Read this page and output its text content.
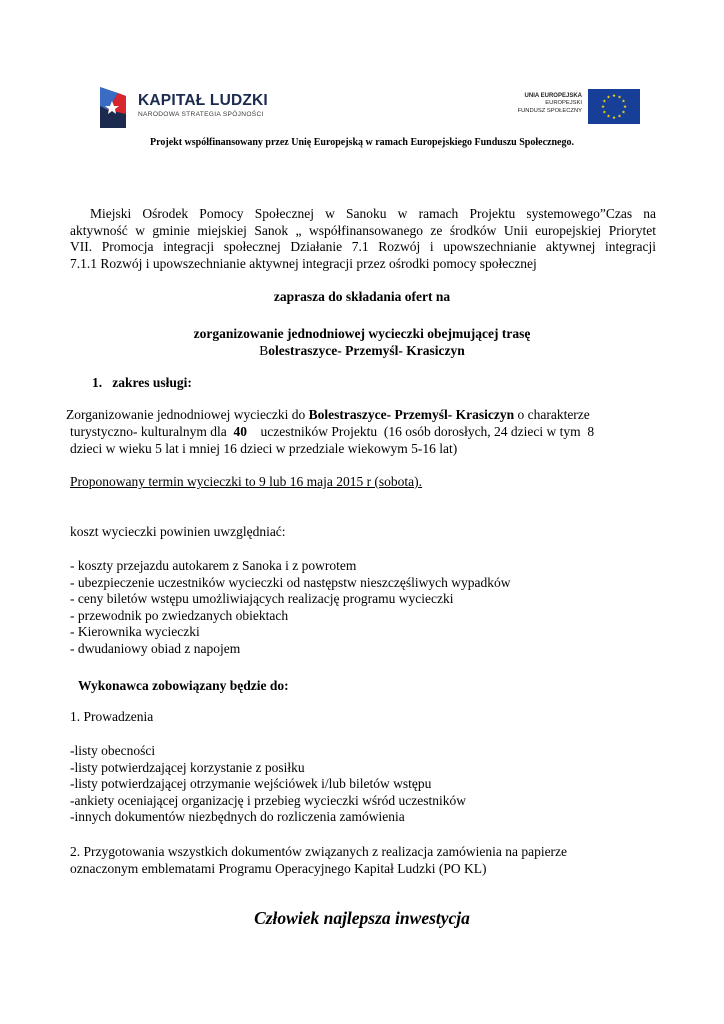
KAPITAŁ LUDZKI
NARODOWA STRATEGIA SPÓJNOŚCI
UNIA EUROPEJSKA
EUROPEJSKI
FUNDUSZ SPOŁECZNY
★ ★
★
★
★
★
★
★
★
★
★
★
Projekt współfinansowany przez Unię Europejską w ramach Europejskiego Funduszu Społecznego.
Miejski Ośrodek Pomocy Społecznej w Sanoku w ramach Projektu systemowego”Czas na
aktywność w gminie miejskiej Sanok „ współfinansowanego ze środków Unii europejskiej Priorytet
VII. Promocja integracji społecznej Działanie 7.1 Rozwój i upowszechnianie aktywnej integracji
7.1.1 Rozwój i upowszechnianie aktywnej integracji przez ośrodki pomocy społecznej
zaprasza do składania ofert na
zorganizowanie jednodniowej wycieczki obejmującej trasę
Bolestraszyce- Przemyśl- Krasiczyn
1. zakres usługi:
Zorganizowanie jednodniowej wycieczki do Bolestraszyce- Przemyśl- Krasiczyn o charakterze
turystyczno- kulturalnym dla  40    uczestników Projektu  (16 osób dorosłych, 24 dzieci w tym  8
dzieci w wieku 5 lat i mniej 16 dzieci w przedziale wiekowym 5-16 lat)
Proponowany termin wycieczki to 9 lub 16 maja 2015 r (sobota).
koszt wycieczki powinien uwzględniać:
- koszty przejazdu autokarem z Sanoka i z powrotem
- ubezpieczenie uczestników wycieczki od następstw nieszczęśliwych wypadków
- ceny biletów wstępu umożliwiających realizację programu wycieczki
- przewodnik po zwiedzanych obiektach
- Kierownika wycieczki
- dwudaniowy obiad z napojem
Wykonawca zobowiązany będzie do:
1. Prowadzenia
-listy obecności
-listy potwierdzającej korzystanie z posiłku
-listy potwierdzającej otrzymanie wejściówek i/lub biletów wstępu
-ankiety oceniającej organizację i przebieg wycieczki wśród uczestników
-innych dokumentów niezbędnych do rozliczenia zamówienia
2. Przygotowania wszystkich dokumentów związanych z realizacja zamówienia na papierze
oznaczonym emblematami Programu Operacyjnego Kapitał Ludzki (PO KL)
Człowiek najlepsza inwestycja
